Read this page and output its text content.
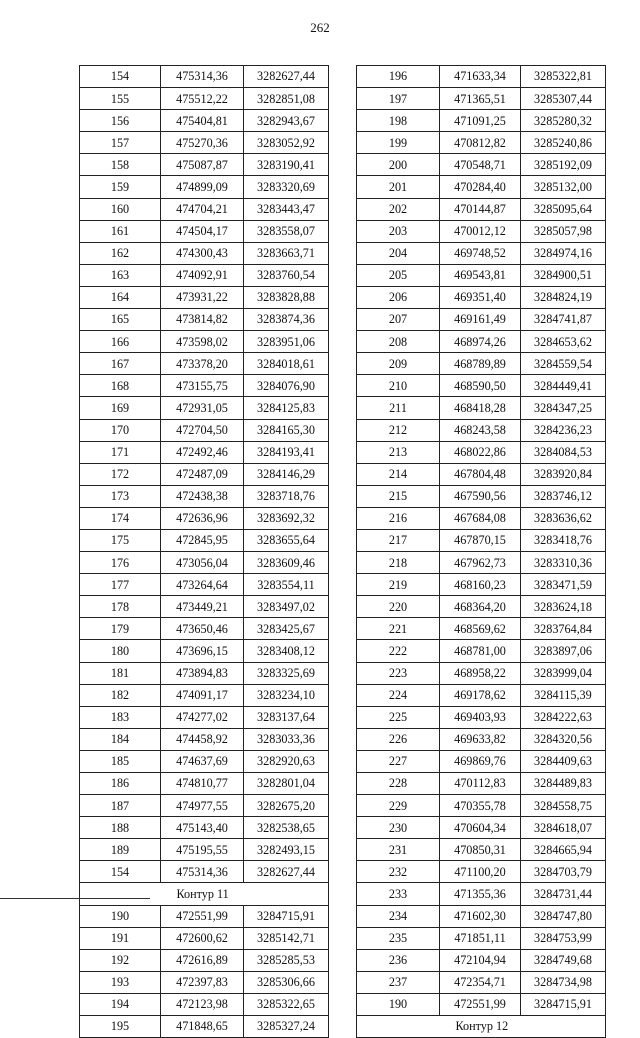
262
154	475314,36	3282627,44
155	475512,22	3282851,08
156	475404,81	3282943,67
157	475270,36	3283052,92
158	475087,87	3283190,41
159	474899,09	3283320,69
160	474704,21	3283443,47
161	474504,17	3283558,07
162	474300,43	3283663,71
163	474092,91	3283760,54
164	473931,22	3283828,88
165	473814,82	3283874,36
166	473598,02	3283951,06
167	473378,20	3284018,61
168	473155,75	3284076,90
169	472931,05	3284125,83
170	472704,50	3284165,30
171	472492,46	3284193,41
172	472487,09	3284146,29
173	472438,38	3283718,76
174	472636,96	3283692,32
175	472845,95	3283655,64
176	473056,04	3283609,46
177	473264,64	3283554,11
178	473449,21	3283497,02
179	473650,46	3283425,67
180	473696,15	3283408,12
181	473894,83	3283325,69
182	474091,17	3283234,10
183	474277,02	3283137,64
184	474458,92	3283033,36
185	474637,69	3282920,63
186	474810,77	3282801,04
187	474977,55	3282675,20
188	475143,40	3282538,65
189	475195,55	3282493,15
154	475314,36	3282627,44
	Контур 11	
190	472551,99	3284715,91
191	472600,62	3285142,71
192	472616,89	3285285,53
193	472397,83	3285306,66
194	472123,98	3285322,65
195	471848,65	3285327,24
196	471633,34	3285322,81
197	471365,51	3285307,44
198	471091,25	3285280,32
199	470812,82	3285240,86
200	470548,71	3285192,09
201	470284,40	3285132,00
202	470144,87	3285095,64
203	470012,12	3285057,98
204	469748,52	3284974,16
205	469543,81	3284900,51
206	469351,40	3284824,19
207	469161,49	3284741,87
208	468974,26	3284653,62
209	468789,89	3284559,54
210	468590,50	3284449,41
211	468418,28	3284347,25
212	468243,58	3284236,23
213	468022,86	3284084,53
214	467804,48	3283920,84
215	467590,56	3283746,12
216	467684,08	3283636,62
217	467870,15	3283418,76
218	467962,73	3283310,36
219	468160,23	3283471,59
220	468364,20	3283624,18
221	468569,62	3283764,84
222	468781,00	3283897,06
223	468958,22	3283999,04
224	469178,62	3284115,39
225	469403,93	3284222,63
226	469633,82	3284320,56
227	469869,76	3284409,63
228	470112,83	3284489,83
229	470355,78	3284558,75
230	470604,34	3284618,07
231	470850,31	3284665,94
232	471100,20	3284703,79
233	471355,36	3284731,44
234	471602,30	3284747,80
235	471851,11	3284753,99
236	472104,94	3284749,68
237	472354,71	3284734,98
190	472551,99	3284715,91
	Контур 12	
